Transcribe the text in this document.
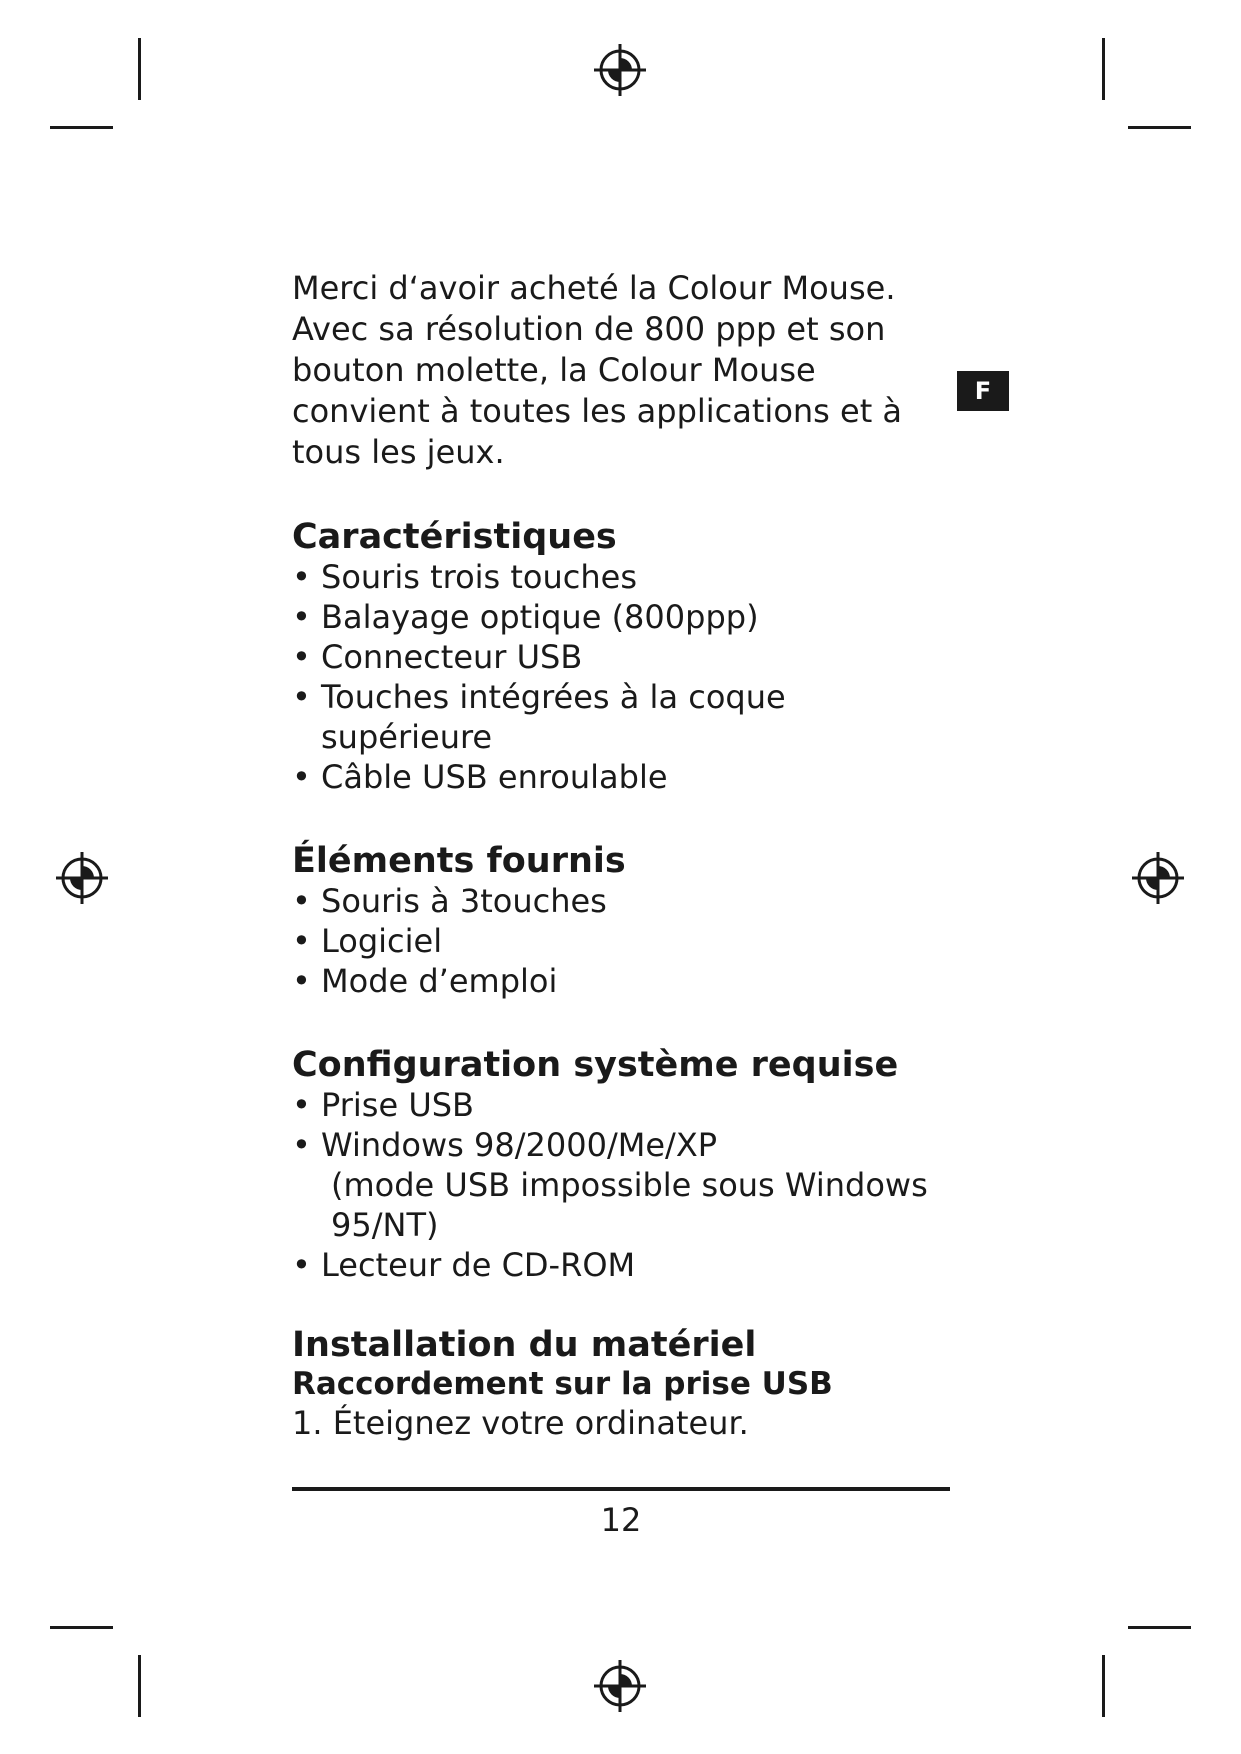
F

Merci d‘avoir acheté la Colour Mouse. Avec sa résolution de 800 ppp et son bouton molette, la Colour Mouse convient à toutes les applications et à tous les jeux.

Caractéristiques
• Souris trois touches
• Balayage optique (800ppp)
• Connecteur USB
• Touches intégrées à la coque supérieure
• Câble USB enroulable
Éléments fournis
• Souris à 3touches
• Logiciel
• Mode d’emploi
Configuration système requise
• Prise USB
• Windows 98/2000/Me/XP
(mode USB impossible sous Windows 95/NT)
• Lecteur de CD-ROM
Installation du matériel
Raccordement sur la prise USB

1. Éteignez votre ordinateur.

12
